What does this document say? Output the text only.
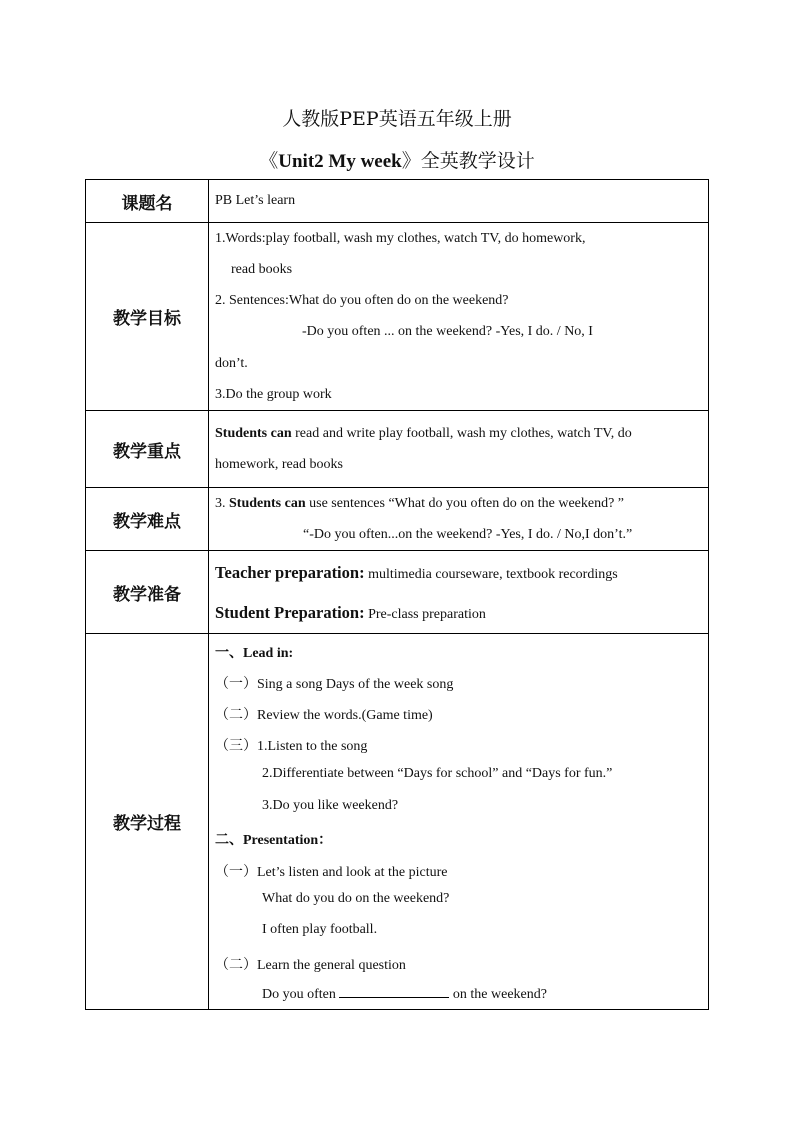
人教版PEP英语五年级上册
《Unit2 My week》全英教学设计
课题名	PB Let’s learn
教学目标
1.Words:play football, wash my clothes, watch TV, do homework,
read books
2. Sentences:What do you often do on the weekend?
-Do you often ... on the weekend? -Yes, I do. / No, I
don’t.
3.Do the group work
教学重点
Students can read and write play football, wash my clothes, watch TV, do
homework, read books
教学难点
3. Students can use sentences “What do you often do on the weekend? ”
“-Do you often...on the weekend? -Yes, I do. / No,I don’t.”
教学准备
Teacher preparation: multimedia courseware, textbook recordings
Student Preparation: Pre-class preparation
教学过程
一、Lead in:
（一）Sing a song Days of the week song
（二）Review the words.(Game time)
（三）1.Listen to the song
2.Differentiate between “Days for school” and “Days for fun.”
3.Do you like weekend?
二、Presentation：
（一）Let’s listen and look at the picture
What do you do on the weekend?
I often play football.
（二）Learn the general question
Do you often	on the weekend?
